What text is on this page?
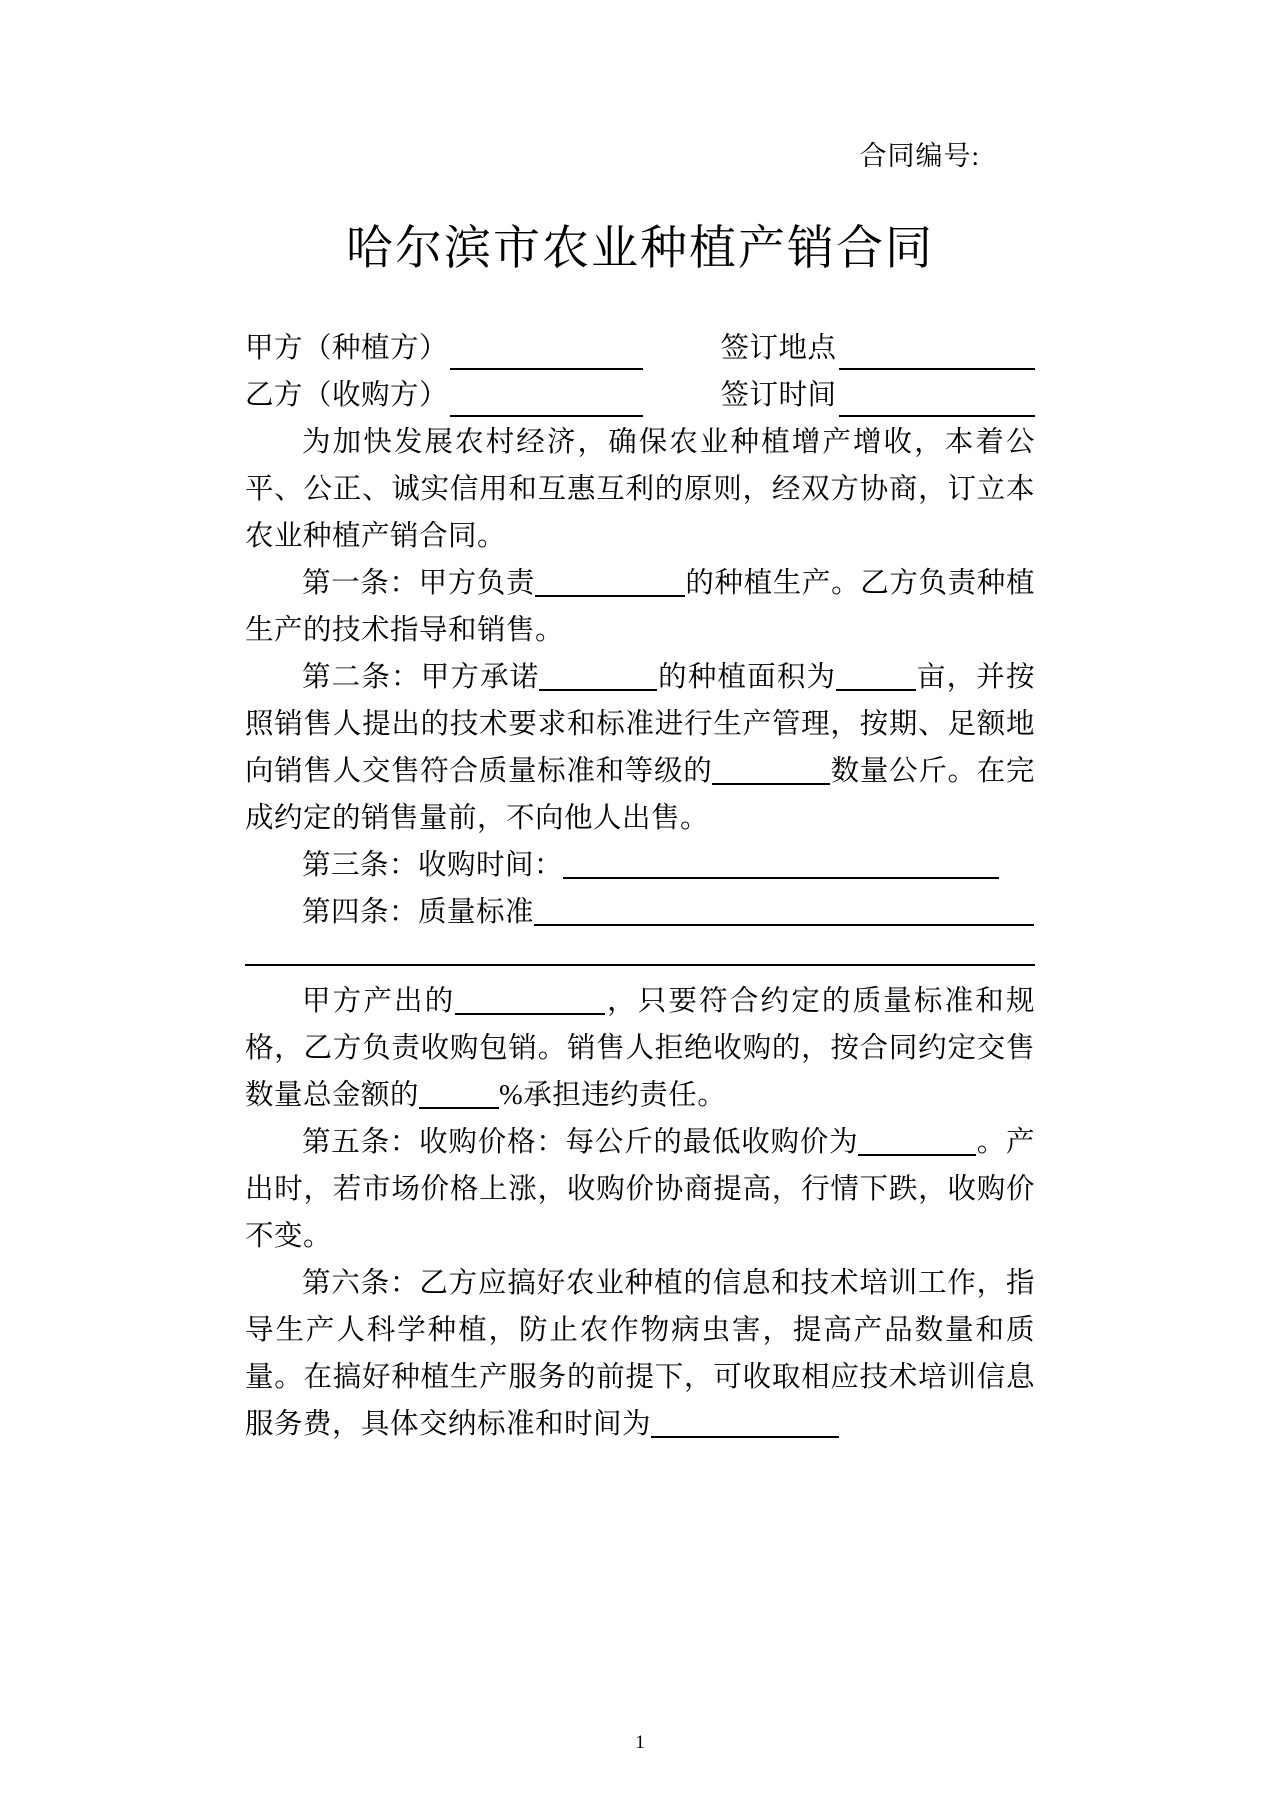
合同编号:
哈尔滨市农业种植产销合同
甲方（种植方）	签订地点
乙方（收购方）	签订时间

为加快发展农村经济，确保农业种植增产增收，本着公平、公正、诚实信用和互惠互利的原则，经双方协商，订立本农业种植产销合同。

第一条：甲方负责	的种植生产。乙方负责种植生产的技术指导和销售。

第二条：甲方承诺	的种植面积为	亩，并按照销售人提出的技术要求和标准进行生产管理，按期、足额地向销售人交售符合质量标准和等级的	数量公斤。在完成约定的销售量前，不向他人出售。

第三条：收购时间：

第四条：质量标准

甲方产出的	，只要符合约定的质量标准和规格，乙方负责收购包销。销售人拒绝收购的，按合同约定交售数量总金额的	%承担违约责任。

第五条：收购价格：每公斤的最低收购价为	。产出时，若市场价格上涨，收购价协商提高，行情下跌，收购价不变。

第六条：乙方应搞好农业种植的信息和技术培训工作，指导生产人科学种植，防止农作物病虫害，提高产品数量和质量。在搞好种植生产服务的前提下，可收取相应技术培训信息服务费，具体交纳标准和时间为

1
